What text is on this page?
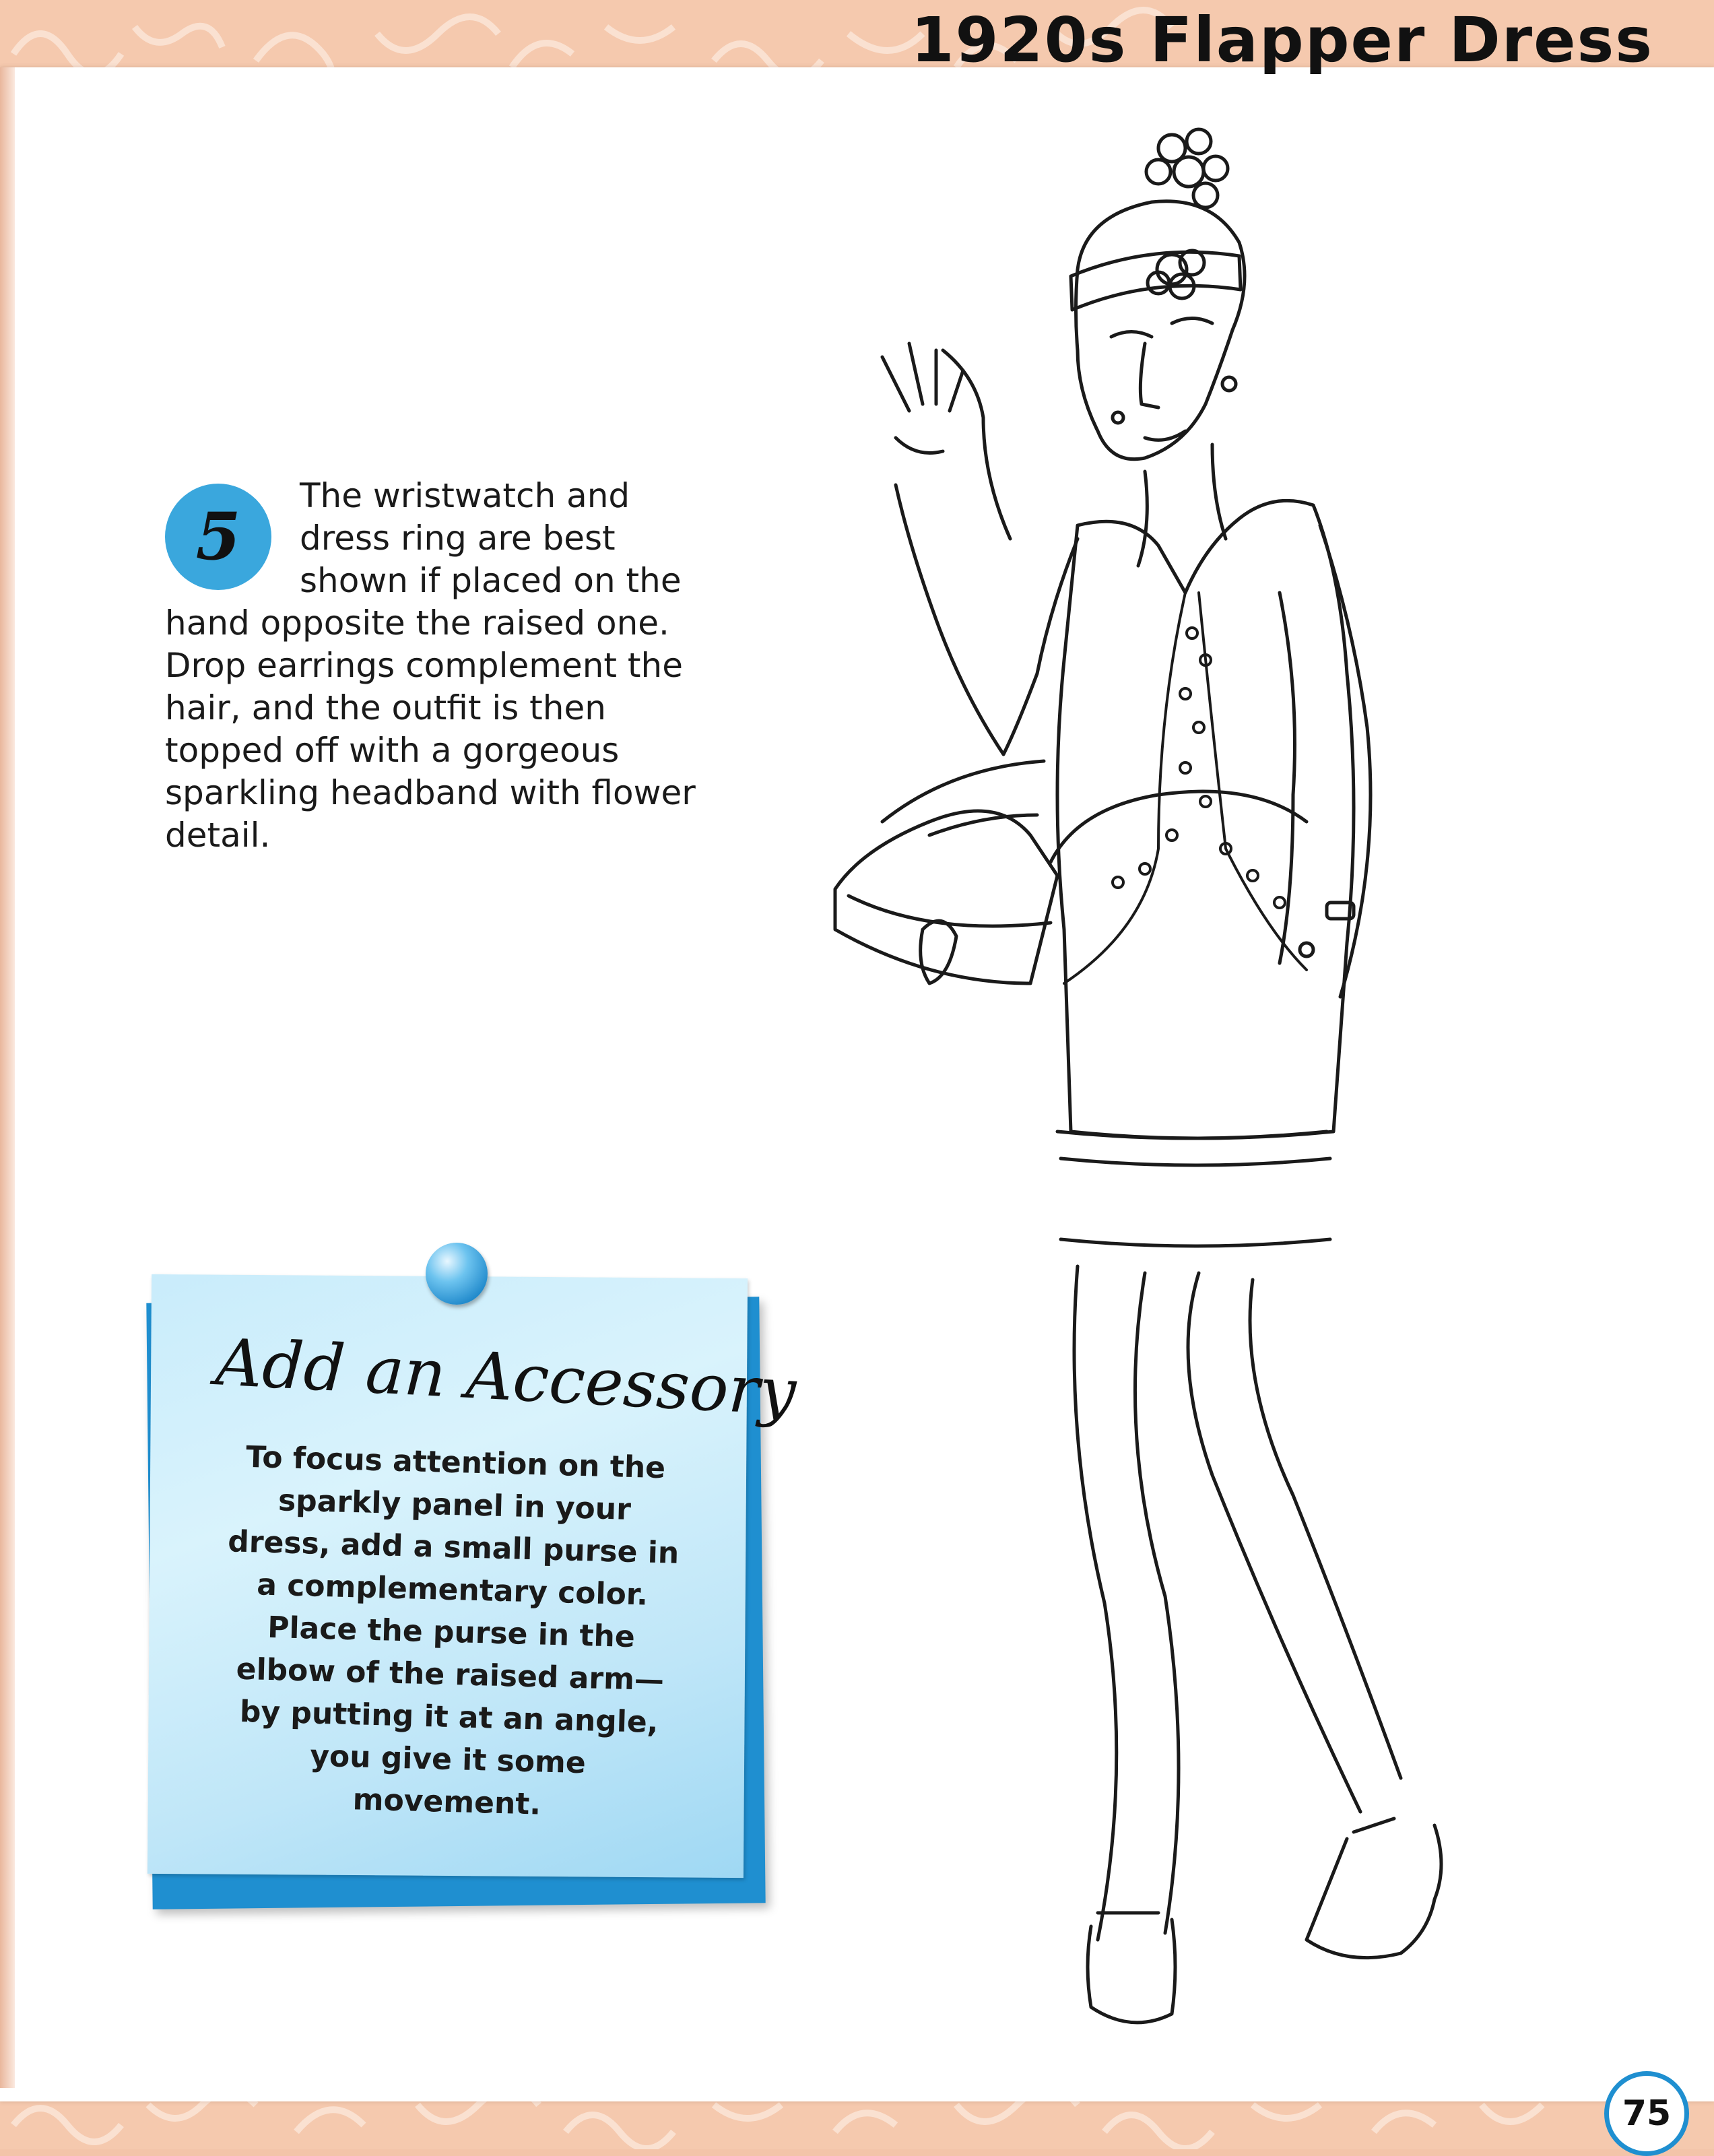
1920s Flapper Dress
5

The wristwatch and dress ring are best shown if placed on the hand opposite the raised one. Drop earrings complement the hair, and the outfit is then topped off with a gorgeous sparkling headband with flower detail.

Add an Accessory

To focus attention on the sparkly panel in your dress, add a small purse in a complementary color. Place the purse in the elbow of the raised arm—by putting it at an angle, you give it some movement.

75
